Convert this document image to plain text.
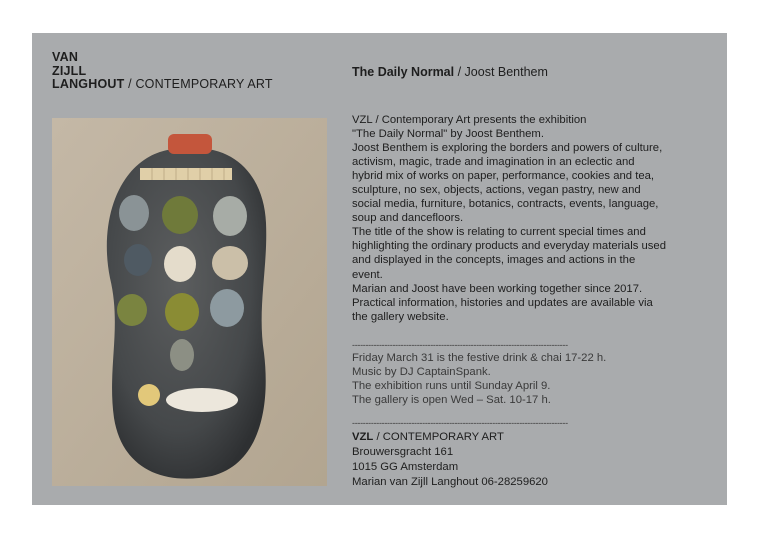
VAN
ZIJLL
LANGHOUT / CONTEMPORARY ART
The Daily Normal / Joost Benthem

VZL / Contemporary Art presents the exhibition

"The Daily Normal" by Joost Benthem.

Joost Benthem is exploring the borders and powers of culture,

activism, magic, trade and imagination in an eclectic and

hybrid mix of works on paper, performance, cookies and tea,

sculpture, no sex, objects, actions, vegan pastry, new and

social media, furniture, botanics, contracts, events, language,

soup and dancefloors.

The title of the show is relating to current special times and

highlighting the ordinary products and everyday materials used

and displayed in the concepts, images and actions in the

event.

Marian and Joost have been working together since 2017.

Practical information, histories and updates are available via

the gallery website.

--------------------------------------------------------------------------------

Friday March 31 is the festive drink & chai 17-22 h.

Music by DJ CaptainSpank.

The exhibition runs until Sunday April 9.

The gallery is open Wed – Sat. 10-17 h.

--------------------------------------------------------------------------------

VZL / CONTEMPORARY ART

Brouwersgracht 161

1015 GG Amsterdam

Marian van Zijll Langhout 06-28259620
